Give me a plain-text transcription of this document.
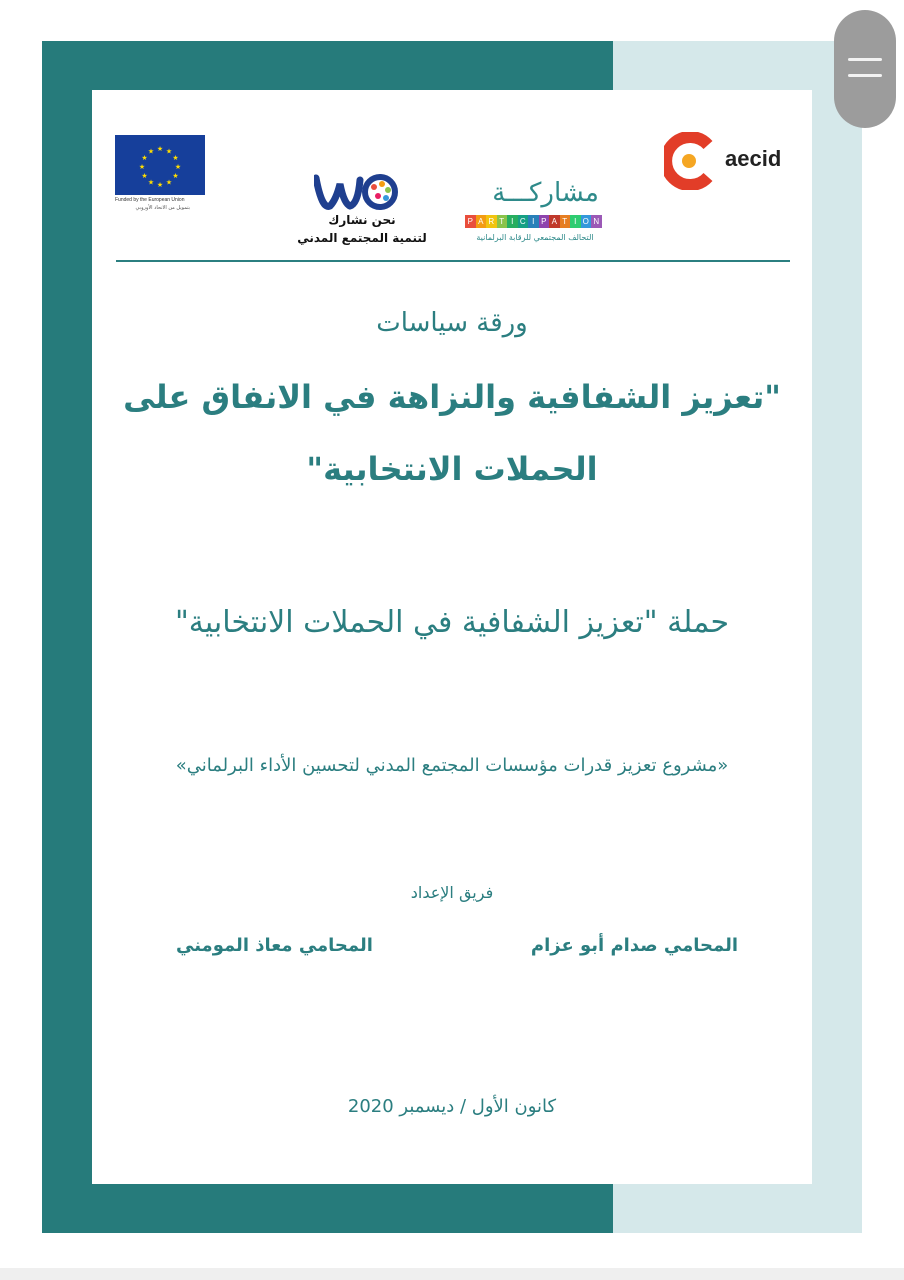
★ ★
★
★
★
★
★
★
★
★
★
★
Funded by the European Union
بتمويل من الاتحاد الأوروبي
نحن نشارك
لتنمية المجتمع المدني
مشاركـــة
P A R T I C I P A T I O N
التحالف المجتمعي للرقابة البرلمانية
aecid
ورقة سياسات
"تعزيز الشفافية والنزاهة في الانفاق على
الحملات الانتخابية"
حملة "تعزيز الشفافية في الحملات الانتخابية"
«مشروع تعزيز قدرات مؤسسات المجتمع المدني لتحسين الأداء البرلماني»
فريق الإعداد
المحامي صدام أبو عزام
المحامي معاذ المومني
كانون الأول / ديسمبر 2020
